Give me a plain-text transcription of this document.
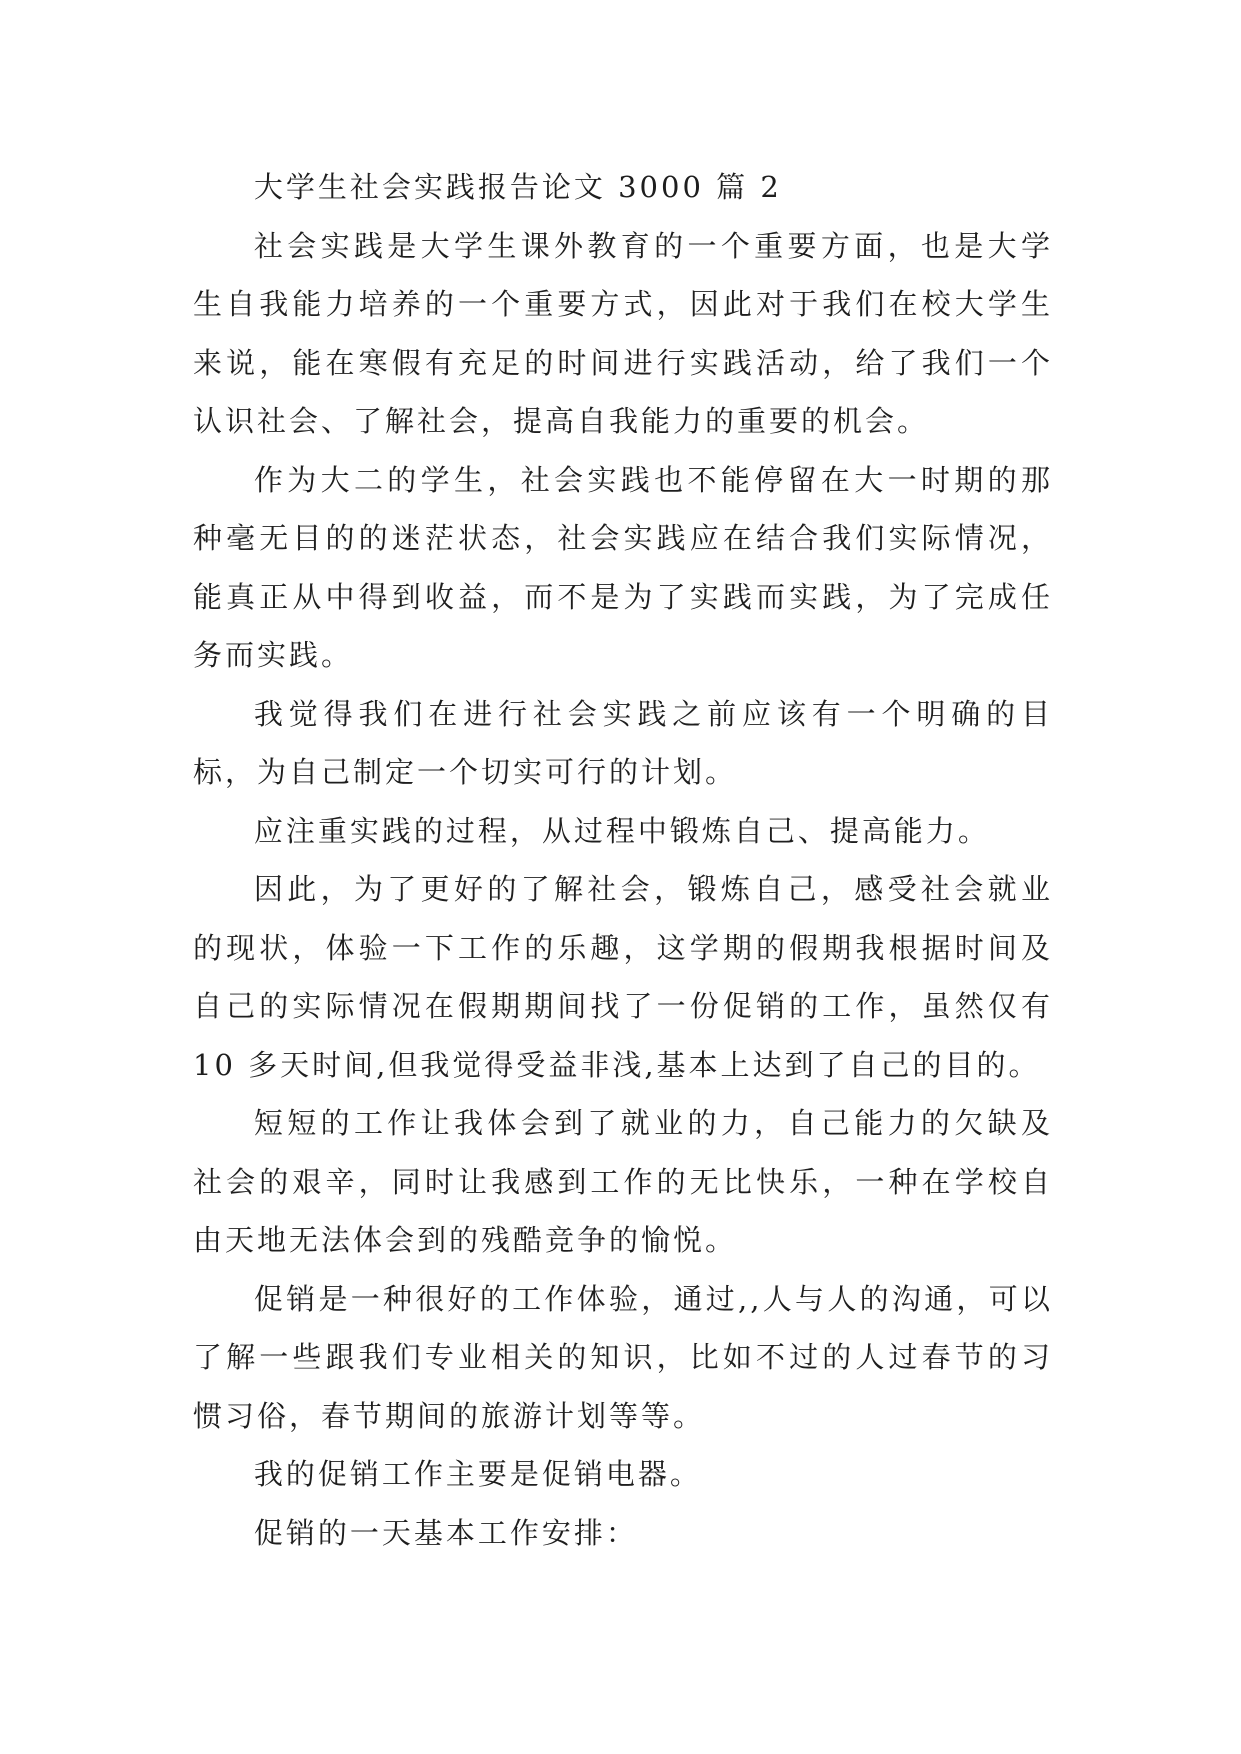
大学生社会实践报告论文 3000 篇 2

社会实践是大学生课外教育的一个重要方面，也是大学生自我能力培养的一个重要方式，因此对于我们在校大学生来说，能在寒假有充足的时间进行实践活动，给了我们一个认识社会、了解社会，提高自我能力的重要的机会。

作为大二的学生，社会实践也不能停留在大一时期的那种毫无目的的迷茫状态，社会实践应在结合我们实际情况，能真正从中得到收益，而不是为了实践而实践，为了完成任务而实践。

我觉得我们在进行社会实践之前应该有一个明确的目标，为自己制定一个切实可行的计划。

应注重实践的过程，从过程中锻炼自己、提高能力。

因此，为了更好的了解社会，锻炼自己，感受社会就业的现状，体验一下工作的乐趣，这学期的假期我根据时间及自己的实际情况在假期期间找了一份促销的工作，虽然仅有 10 多天时间,但我觉得受益非浅,基本上达到了自己的目的。

短短的工作让我体会到了就业的力，自己能力的欠缺及社会的艰辛，同时让我感到工作的无比快乐，一种在学校自由天地无法体会到的残酷竞争的愉悦。

促销是一种很好的工作体验，通过,,人与人的沟通，可以了解一些跟我们专业相关的知识，比如不过的人过春节的习惯习俗，春节期间的旅游计划等等。

我的促销工作主要是促销电器。

促销的一天基本工作安排：
